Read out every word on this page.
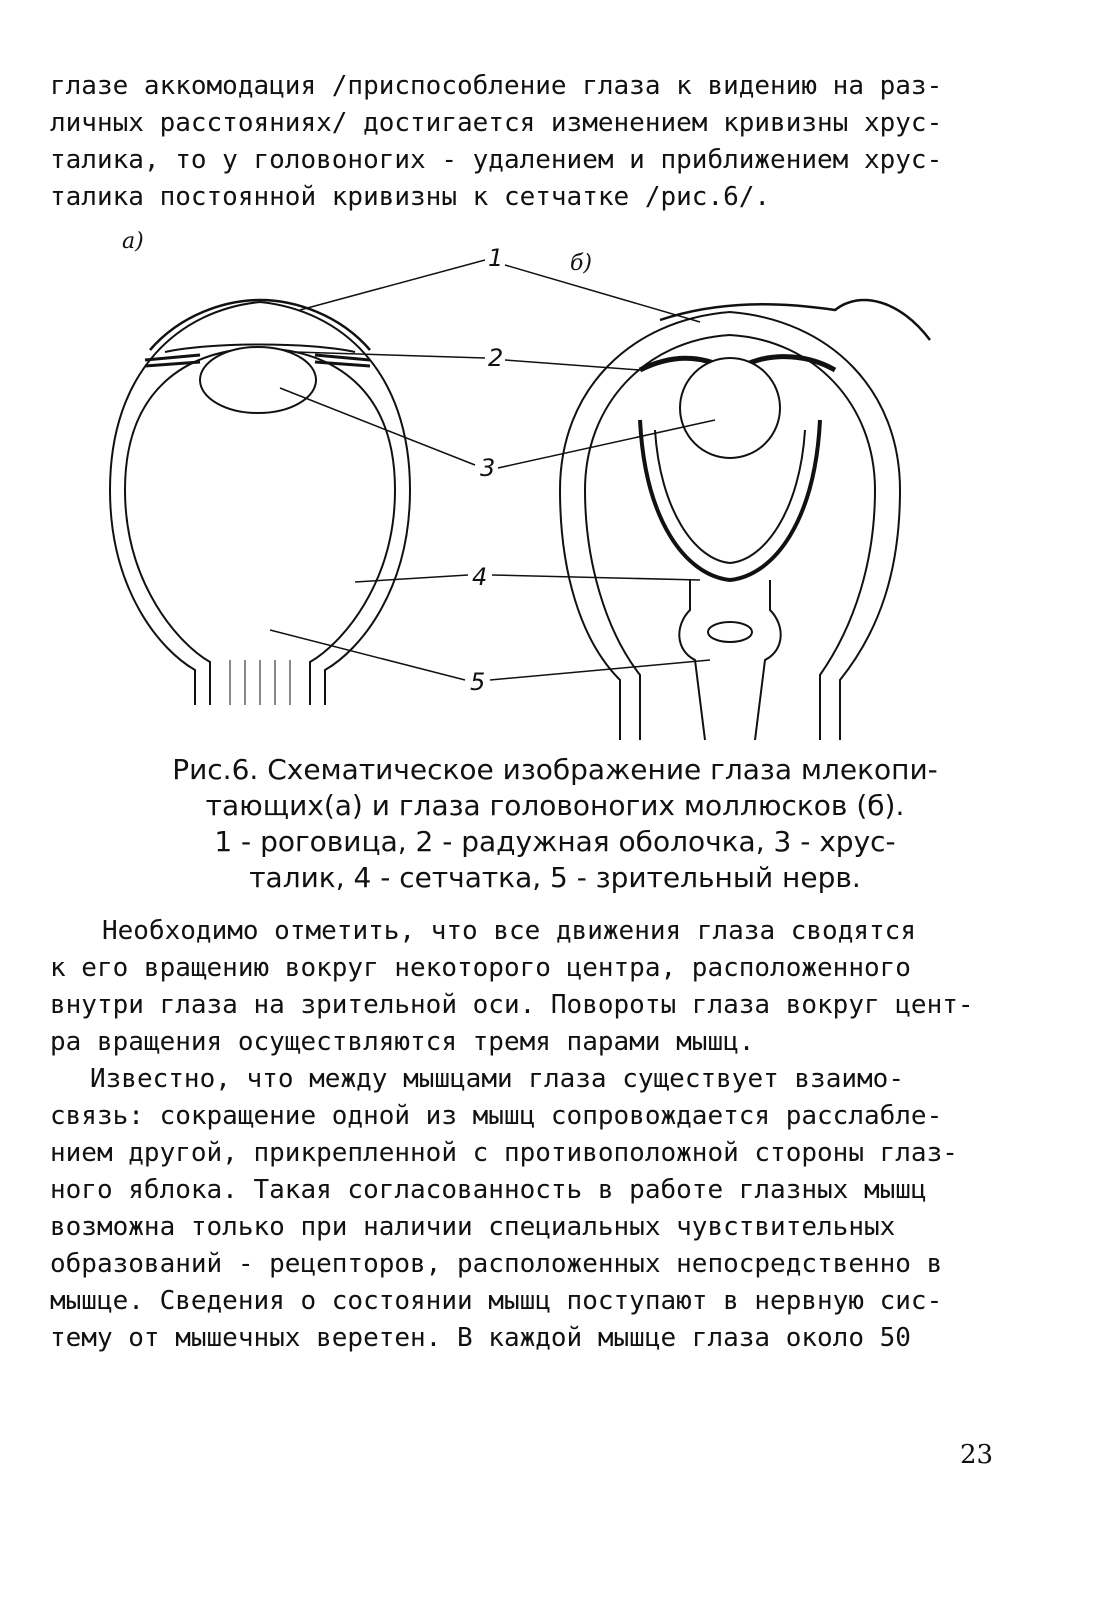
глазе аккомодация /приспособление глаза к видению на раз-
личных расстояниях/ достигается изменением кривизны хрус-
талика, то у головоногих - удалением и приближением хрус-
талика постоянной кривизны к сетчатке /рис.6/.
а)
б)
1
2
3
4
5
Рис.6. Схематическое изображение глаза млекопи-
тающих(а) и глаза головоногих моллюсков (б).
1 - роговица, 2 - радужная оболочка, 3 - хрус-
талик, 4 - сетчатка, 5 - зрительный нерв.
Необходимо отметить, что все движения глаза сводятся
к его вращению вокруг некоторого центра, расположенного
внутри глаза на зрительной оси. Повороты глаза вокруг цент-
ра вращения осуществляются тремя парами мышц.
Известно, что между мышцами глаза существует взаимо-
связь: сокращение одной из мышц сопровождается расслабле-
нием другой, прикрепленной с противоположной стороны глаз-
ного яблока. Такая согласованность в работе глазных мышц
возможна только при наличии специальных чувствительных
образований - рецепторов, расположенных непосредственно в
мышце. Сведения о состоянии мышц поступают в нервную сис-
тему от мышечных веретен. В каждой мышце глаза около 50
23
